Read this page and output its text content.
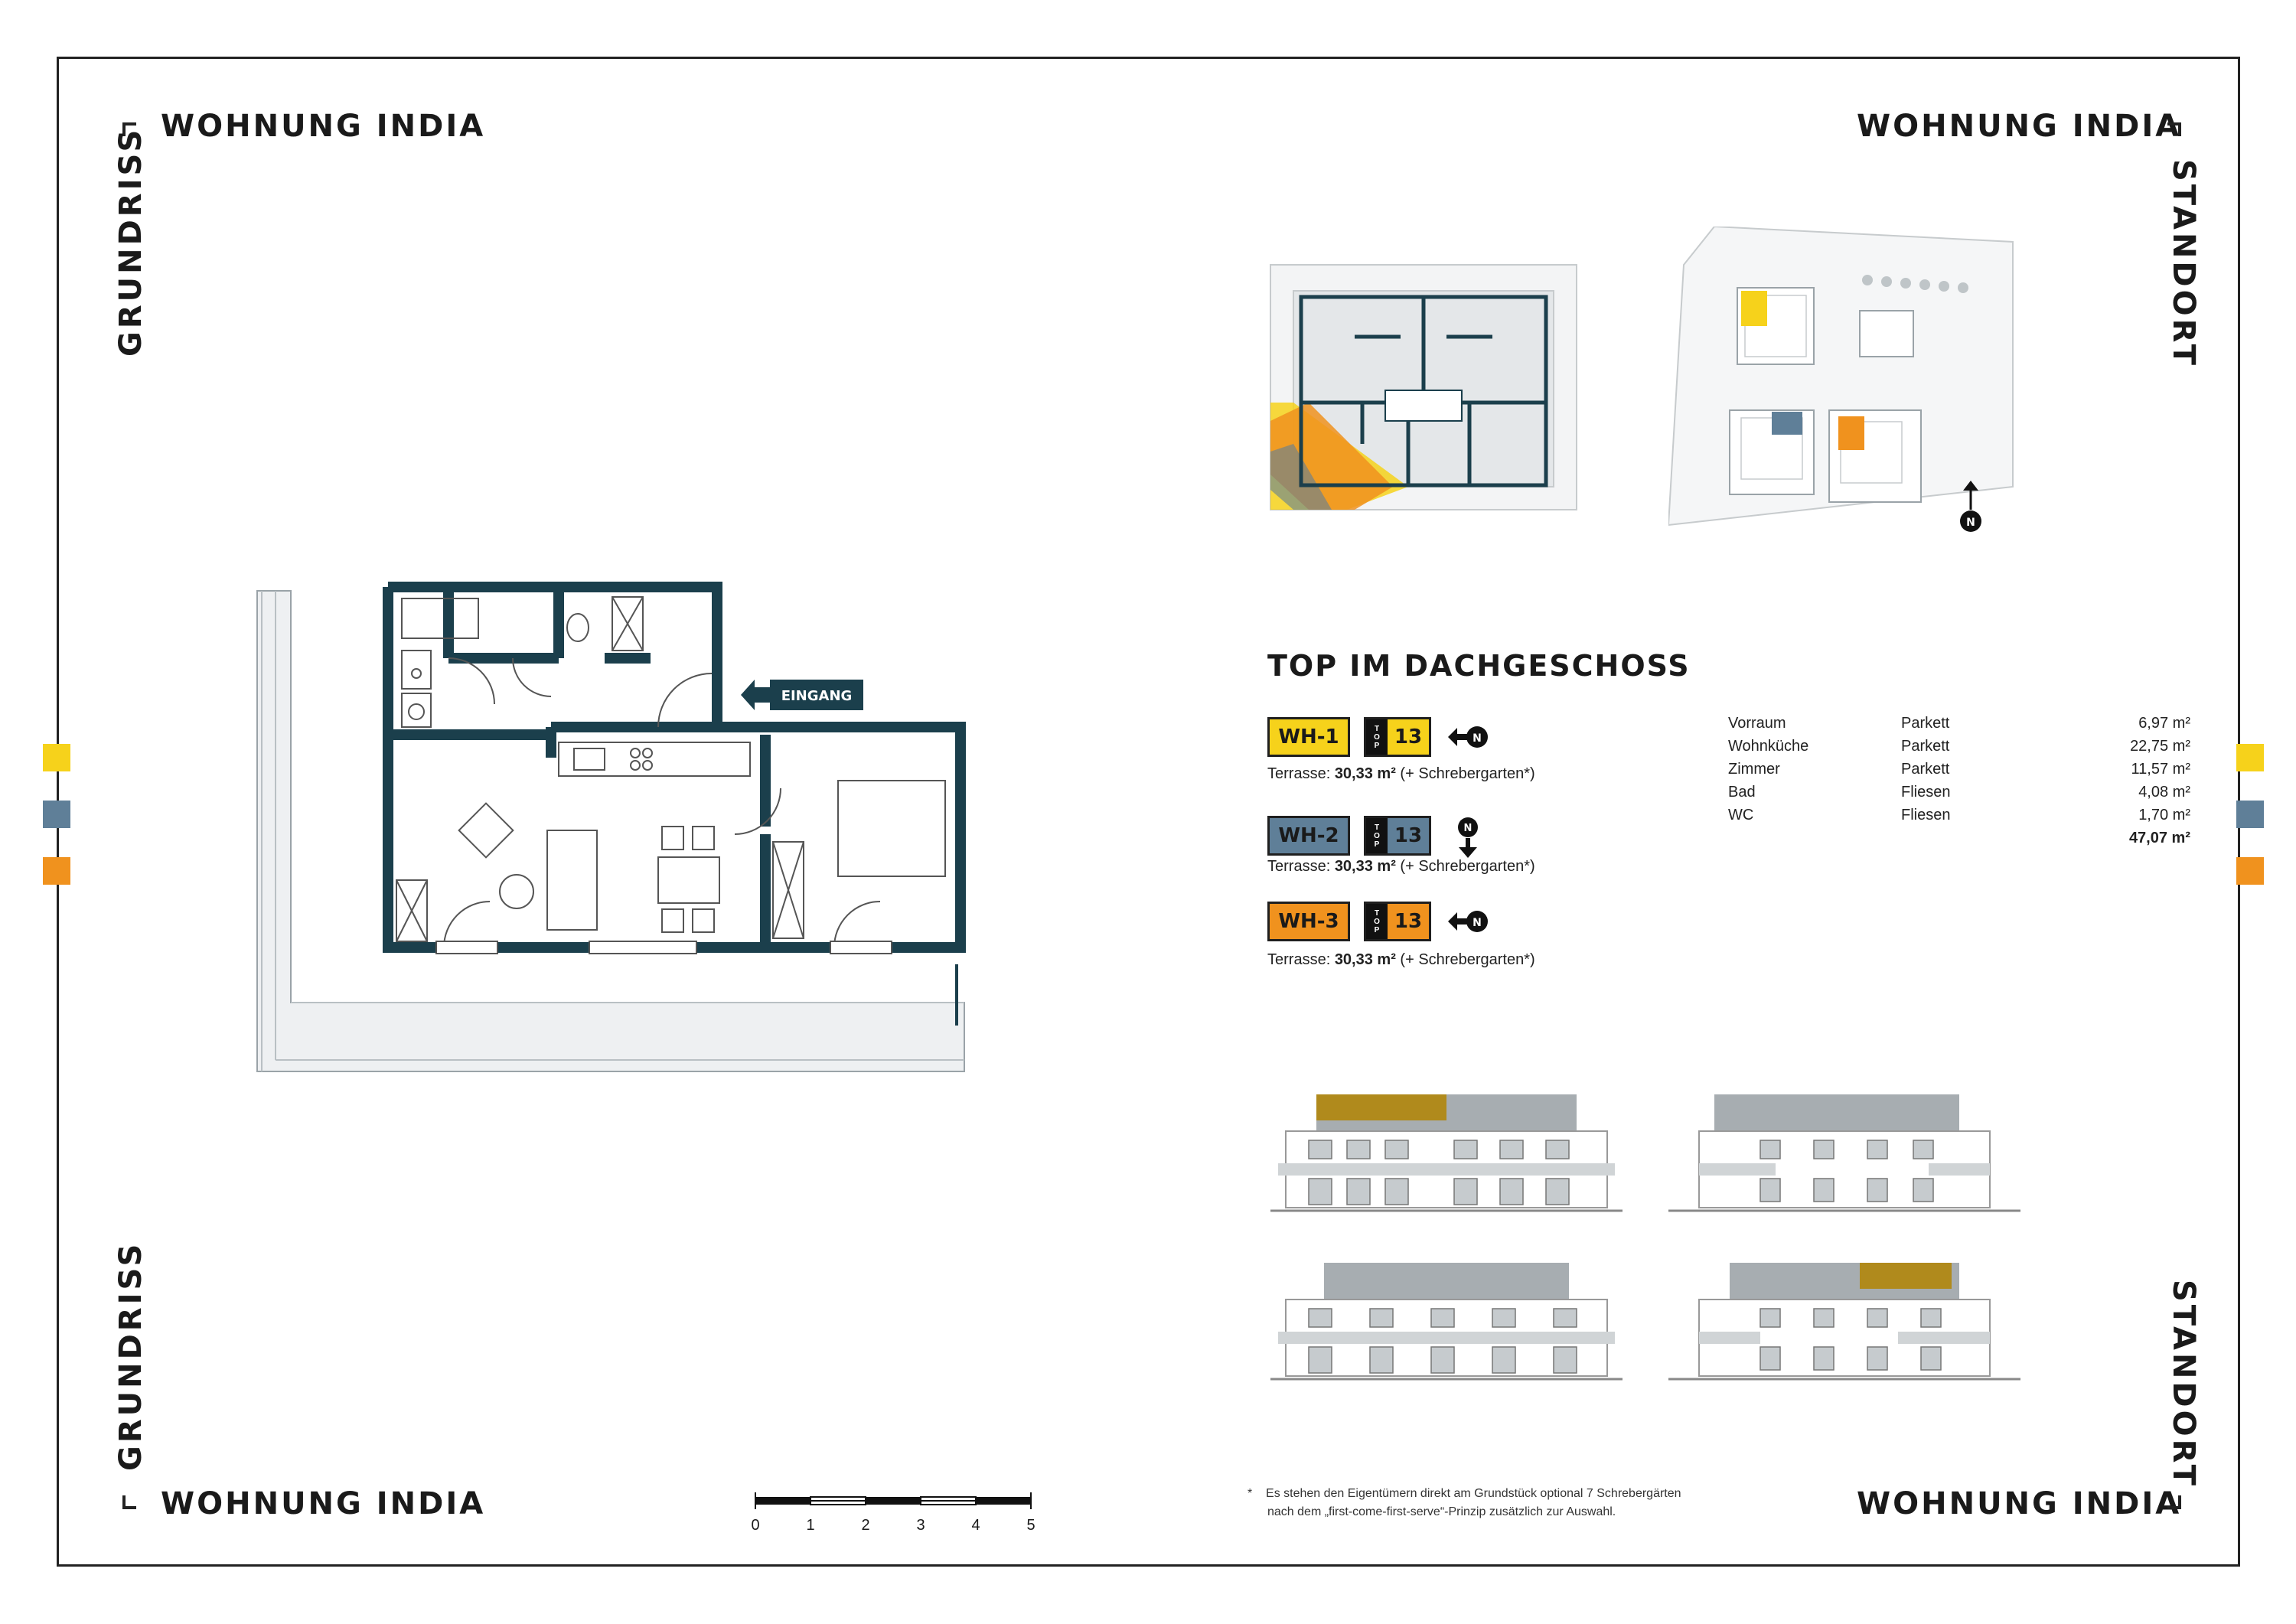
WOHNUNG INDIA	WOHNUNG INDIA
WOHNUNG INDIA	WOHNUNG INDIA
GRUNDRISS
GRUNDRISS
STANDORT
STANDORT
EINGANG
N
TOP IM DACHGESCHOSS
WH-1	T
O
P 13	N
Terrasse: 30,33 m² (+ Schrebergarten*)
WH-2	T
O
P 13	N
Terrasse: 30,33 m² (+ Schrebergarten*)
WH-3	T
O
P 13	N
Terrasse: 30,33 m² (+ Schrebergarten*)
Vorraum	Parkett	6,97 m²
Wohnküche	Parkett	22,75 m²
Zimmer	Parkett	11,57 m²
Bad	Fliesen	4,08 m²
WC	Fliesen	1,70 m²
47,07 m²
* Es stehen den Eigentümern direkt am Grundstück optional 7 Schrebergärten
nach dem „first-come-first-serve“-Prinzip zusätzlich zur Auswahl.
0	1	2	3	4	5
